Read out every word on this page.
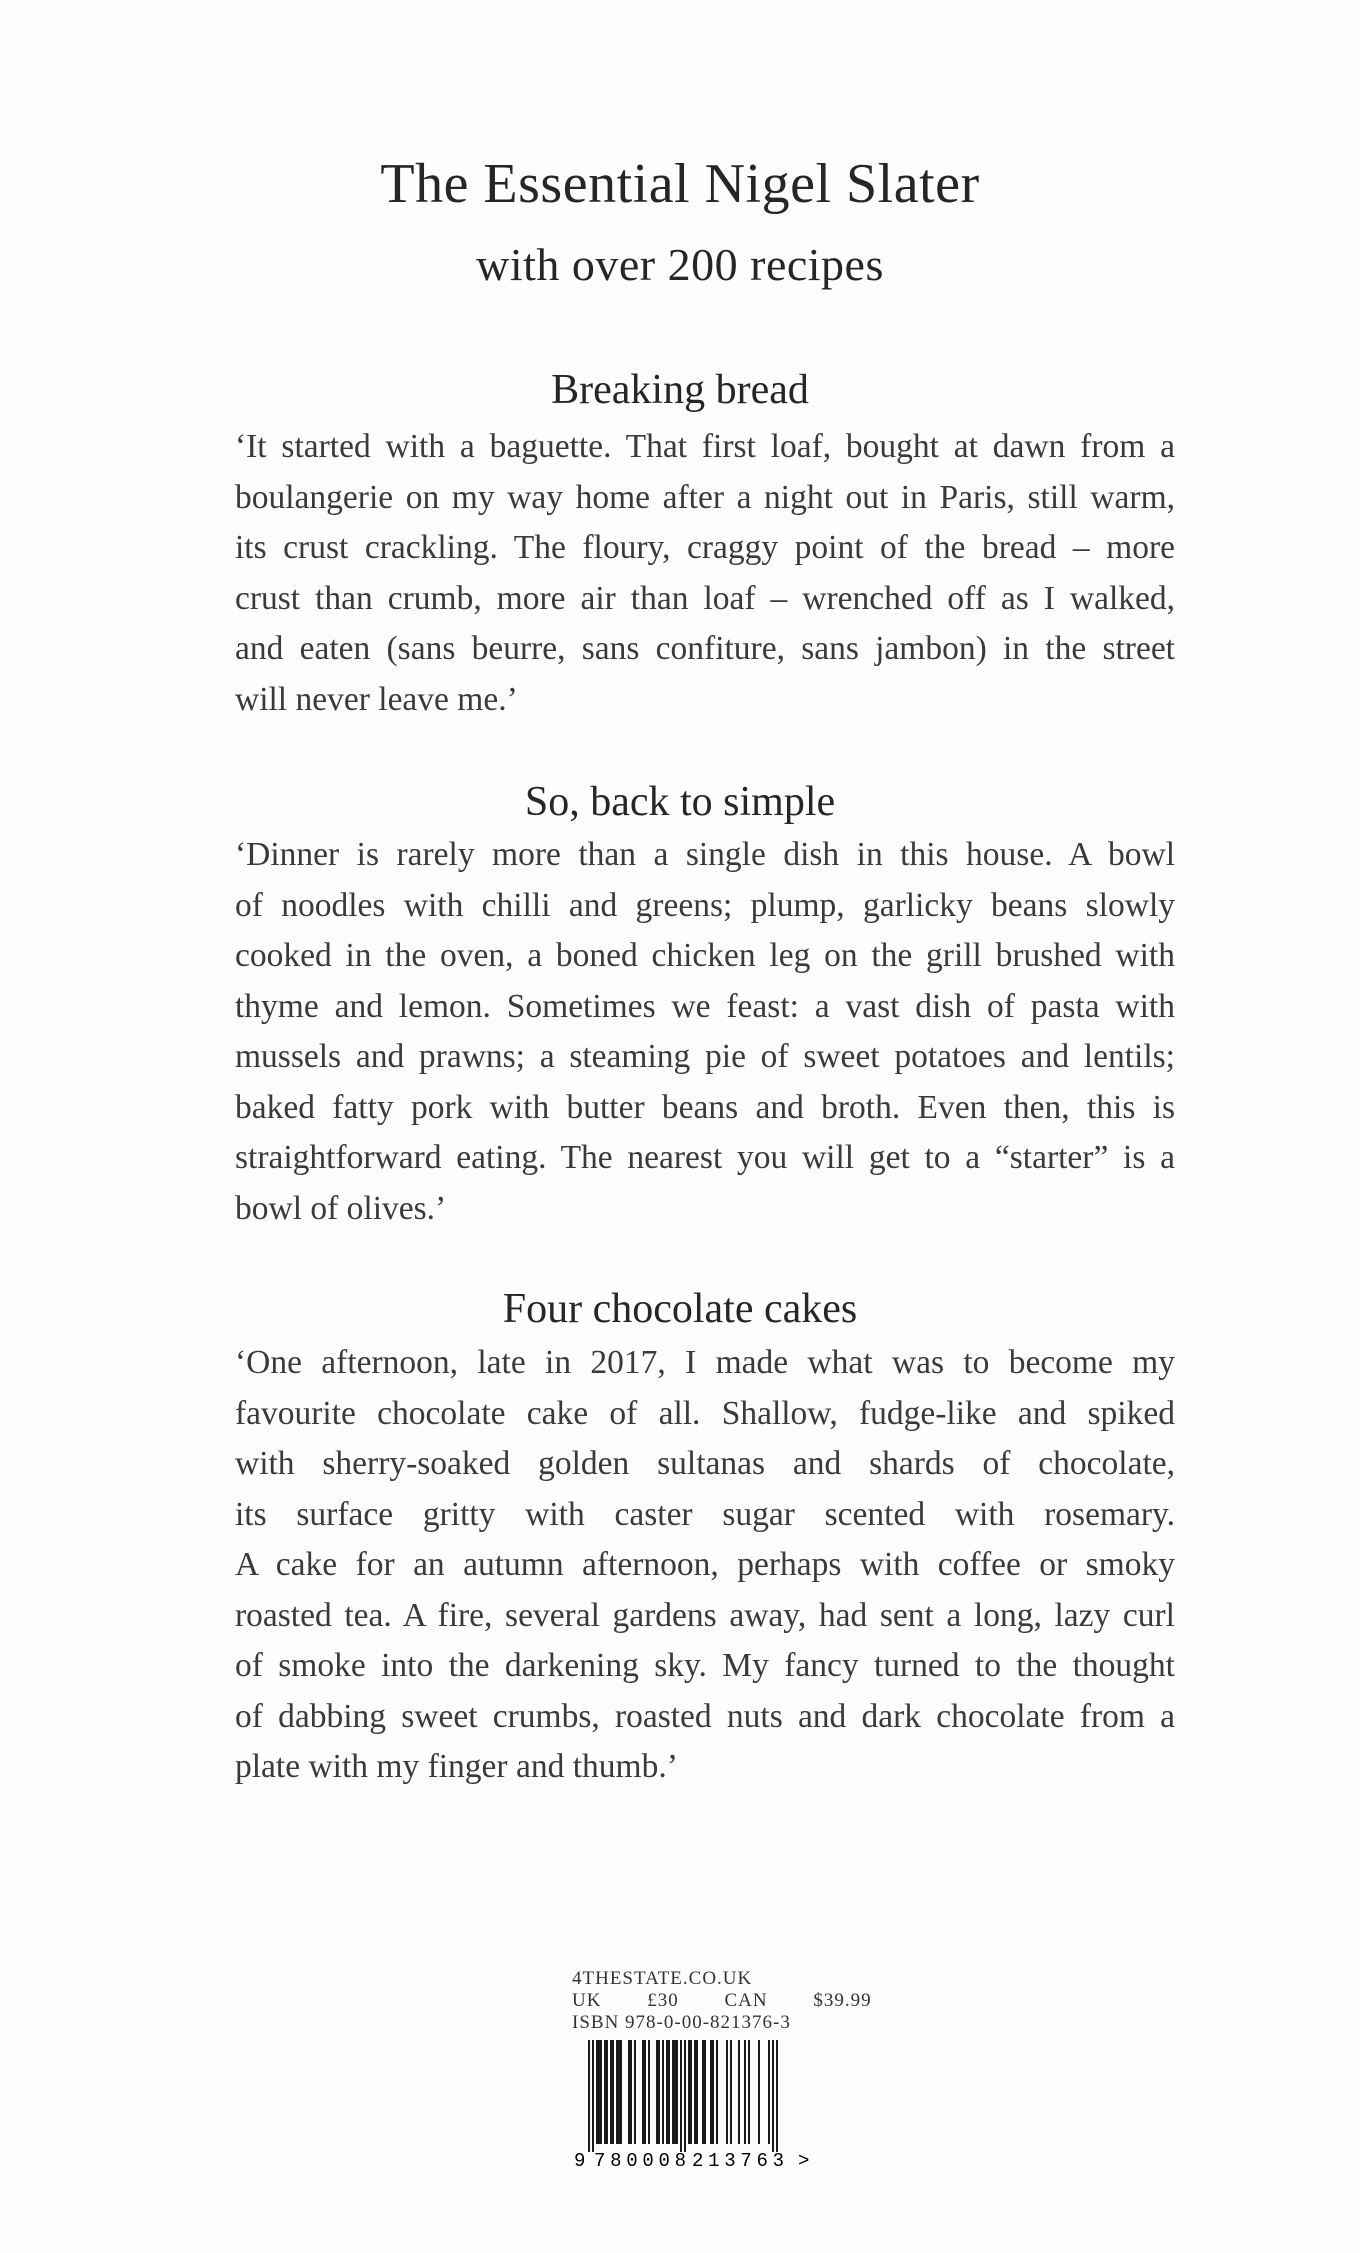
The Essential Nigel Slater
with over 200 recipes
Breaking bread

‘It started with a baguette. That first loaf, bought at dawn from a
boulangerie on my way home after a night out in Paris, still warm,
its crust crackling. The floury, craggy point of the bread – more
crust than crumb, more air than loaf – wrenched off as I walked,
and eaten (sans beurre, sans confiture, sans jambon) in the street
will never leave me.’

So, back to simple

‘Dinner is rarely more than a single dish in this house. A bowl
of noodles with chilli and greens; plump, garlicky beans slowly
cooked in the oven, a boned chicken leg on the grill brushed with
thyme and lemon. Sometimes we feast: a vast dish of pasta with
mussels and prawns; a steaming pie of sweet potatoes and lentils;
baked fatty pork with butter beans and broth. Even then, this is
straightforward eating. The nearest you will get to a “starter” is a
bowl of olives.’

Four chocolate cakes

‘One afternoon, late in 2017, I made what was to become my
favourite chocolate cake of all. Shallow, fudge-like and spiked
with sherry-soaked golden sultanas and shards of chocolate,
its surface gritty with caster sugar scented with rosemary.
A cake for an autumn afternoon, perhaps with coffee or smoky
roasted tea. A fire, several gardens away, had sent a long, lazy curl
of smoke into the darkening sky. My fancy turned to the thought
of dabbing sweet crumbs, roasted nuts and dark chocolate from a
plate with my finger and thumb.’

4THESTATE.CO.UK

UK £30 CAN $39.99

ISBN 978-0-00-821376-3

9 780008 213763 >
